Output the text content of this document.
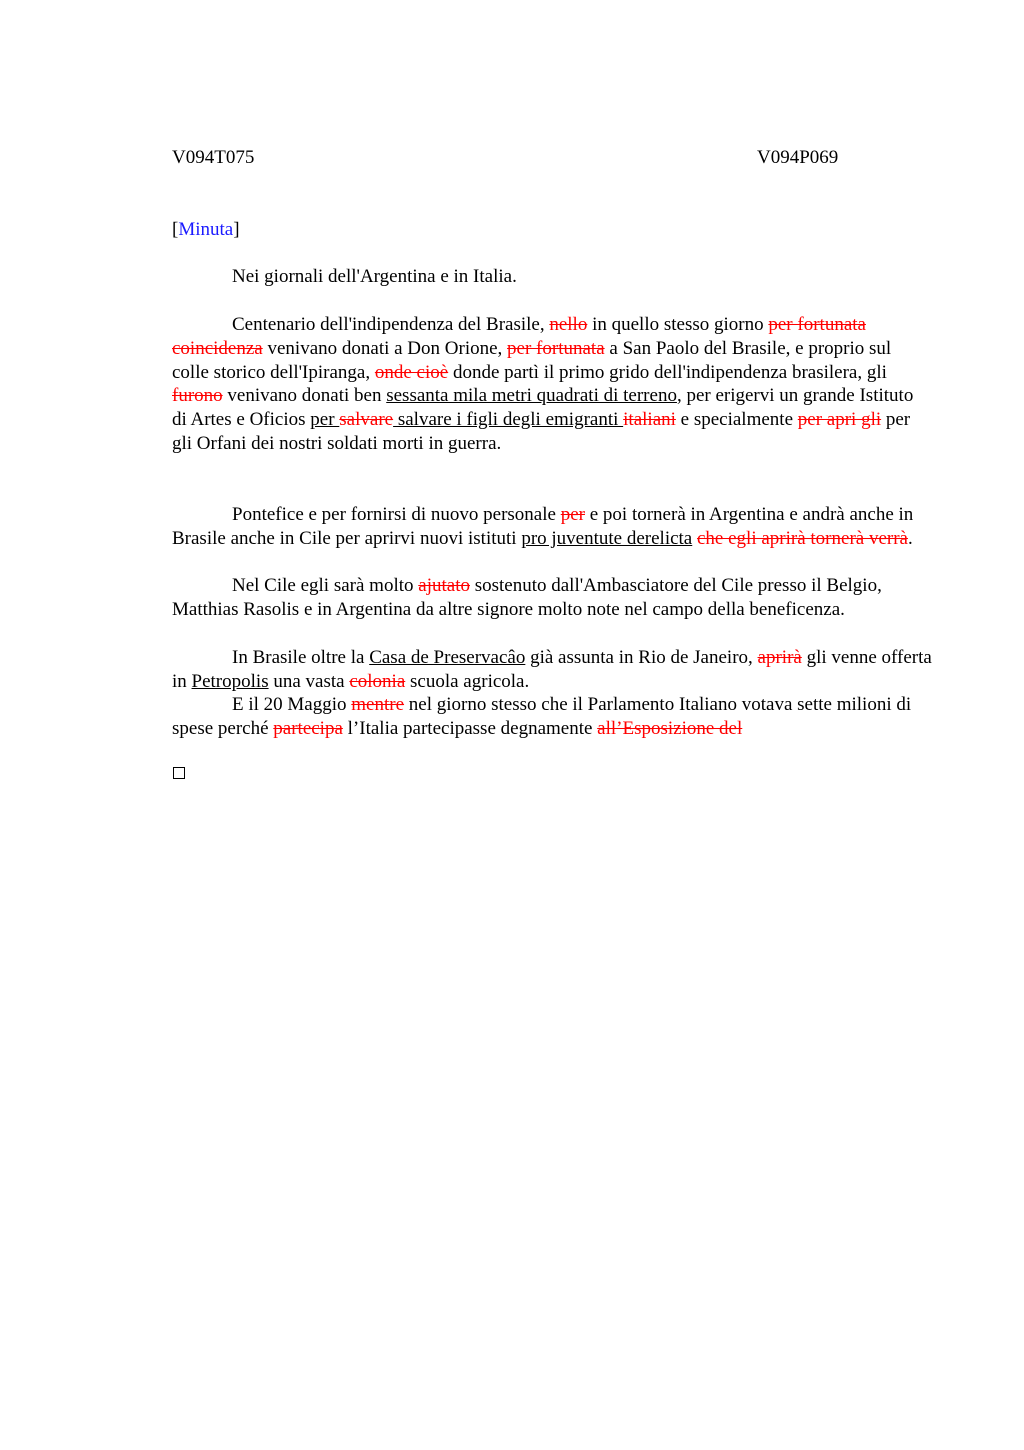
V094T075	V094P069
[Minuta]

Nei giornali dell'Argentina e in Italia.

Centenario dell'indipendenza del Brasile, nello in quello stesso giorno per fortunata coincidenza venivano donati a Don Orione, per fortunata a San Paolo del Brasile, e proprio sul colle storico dell'Ipiranga, onde cioè donde partì il primo grido dell'indipendenza brasilera, gli furono venivano donati ben sessanta mila metri quadrati di terreno, per erigervi un grande Istituto di Artes e Oficios per salvare salvare i figli degli emigranti italiani e specialmente per apri gli per gli Orfani dei nostri soldati morti in guerra.

Pontefice e per fornirsi di nuovo personale per e poi tornerà in Argentina e andrà anche in Brasile anche in Cile per aprirvi nuovi istituti pro juventute derelicta che egli aprirà tornerà verrà.

Nel Cile egli sarà molto ajutato sostenuto dall'Ambasciatore del Cile presso il Belgio, Matthias Rasolis e in Argentina da altre signore molto note nel campo della beneficenza.

In Brasile oltre la Casa de Preservacâo già assunta in Rio de Janeiro, aprirà gli venne offerta in Petropolis una vasta colonia scuola agricola.

E il 20 Maggio mentre nel giorno stesso che il Parlamento Italiano votava sette milioni di spese perché partecipa l’Italia partecipasse degnamente all’Esposizione del
